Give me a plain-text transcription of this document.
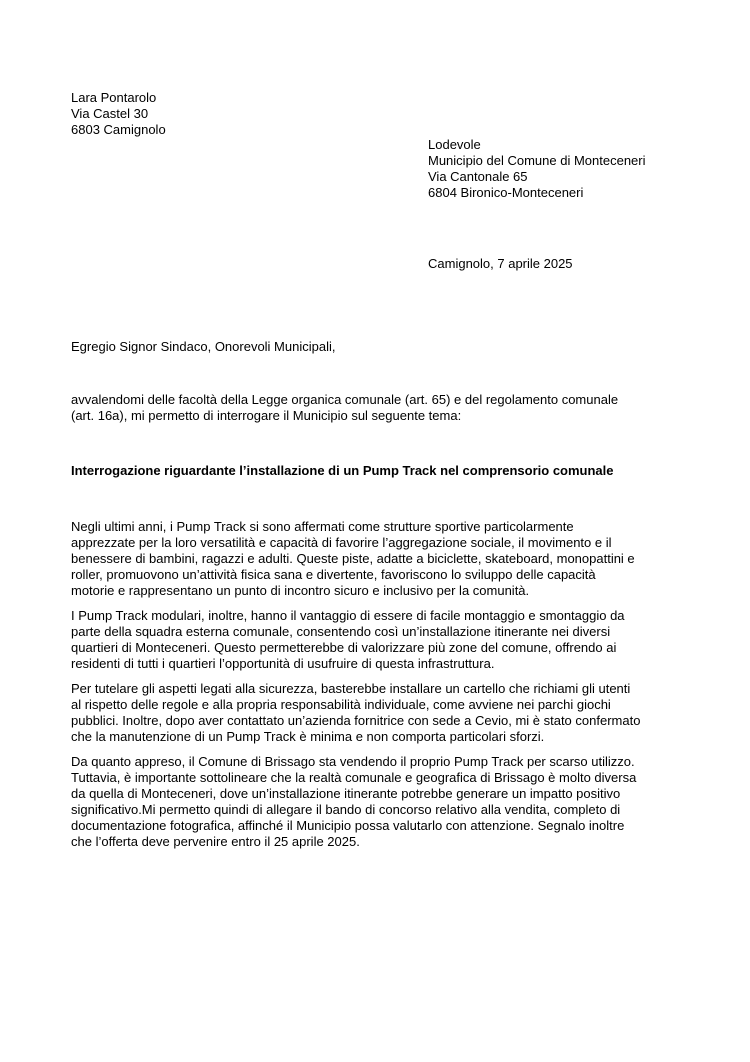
Lara Pontarolo
Via Castel 30
6803 Camignolo
Lodevole
Municipio del Comune di Monteceneri
Via Cantonale 65
6804 Bironico-Monteceneri
Camignolo, 7 aprile 2025
Egregio Signor Sindaco, Onorevoli Municipali,
avvalendomi delle facoltà della Legge organica comunale (art. 65) e del regolamento comunale
(art. 16a), mi permetto di interrogare il Municipio sul seguente tema:
Interrogazione riguardante l’installazione di un Pump Track nel comprensorio comunale
Negli ultimi anni, i Pump Track si sono affermati come strutture sportive particolarmente
apprezzate per la loro versatilità e capacità di favorire l’aggregazione sociale, il movimento e il
benessere di bambini, ragazzi e adulti. Queste piste, adatte a biciclette, skateboard, monopattini e
roller, promuovono un’attività fisica sana e divertente, favoriscono lo sviluppo delle capacità
motorie e rappresentano un punto di incontro sicuro e inclusivo per la comunità.
I Pump Track modulari, inoltre, hanno il vantaggio di essere di facile montaggio e smontaggio da
parte della squadra esterna comunale, consentendo così un’installazione itinerante nei diversi
quartieri di Monteceneri. Questo permetterebbe di valorizzare più zone del comune, offrendo ai
residenti di tutti i quartieri l’opportunità di usufruire di questa infrastruttura.
Per tutelare gli aspetti legati alla sicurezza, basterebbe installare un cartello che richiami gli utenti
al rispetto delle regole e alla propria responsabilità individuale, come avviene nei parchi giochi
pubblici. Inoltre, dopo aver contattato un’azienda fornitrice con sede a Cevio, mi è stato confermato
che la manutenzione di un Pump Track è minima e non comporta particolari sforzi.
Da quanto appreso, il Comune di Brissago sta vendendo il proprio Pump Track per scarso utilizzo.
Tuttavia, è importante sottolineare che la realtà comunale e geografica di Brissago è molto diversa
da quella di Monteceneri, dove un’installazione itinerante potrebbe generare un impatto positivo
significativo.Mi permetto quindi di allegare il bando di concorso relativo alla vendita, completo di
documentazione fotografica, affinché il Municipio possa valutarlo con attenzione. Segnalo inoltre
che l’offerta deve pervenire entro il 25 aprile 2025.
